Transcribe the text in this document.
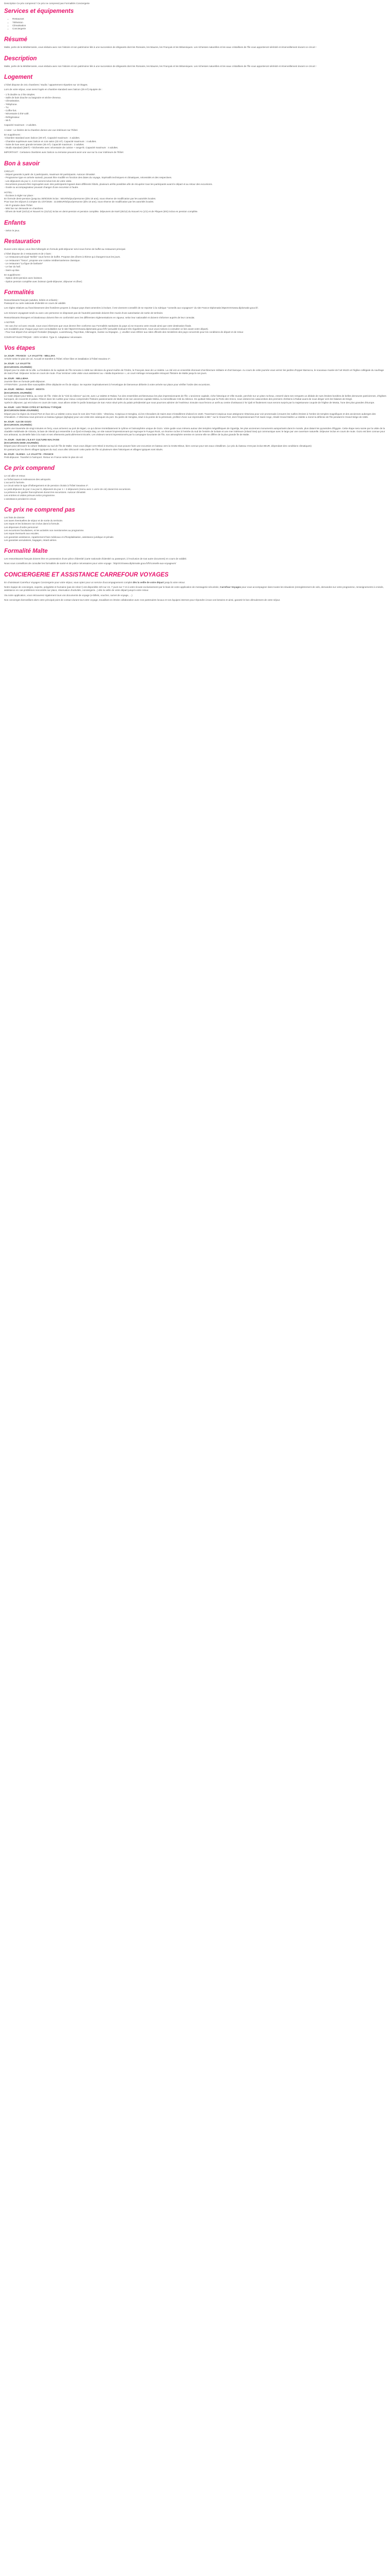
Description Ce prix comprend / Ce prix ne comprend pas Formalités Conciergerie

Services et équipements
• Restaurant
• Télévision
• Climatisation
• Conciergerie
Résumé

Malte, perle de la Méditerranée, vous séduira avec son histoire et son patrimoine liés à une succession de dirigeants dont les Romains, les Maures, les Français et les Britanniques. Les richesses naturelles et les eaux cristallines de l'île vous apporteront sérénité et émerveillement durant ce circuit !

Description

Malte, perle de la Méditerranée, vous séduira avec son histoire et son patrimoine liés à une succession de dirigeants dont les Romains, les Maures, les Français et les Britanniques. Les richesses naturelles et les eaux cristallines de l'île vous apporteront sérénité et émerveillement durant ce circuit !

Logement

L'hôtel dispose de 241 chambres / studio / appartement réparties sur 10 étages.

Lors de votre séjour, vous serez logés en chambre standard avec balcon (25 m²) équipée de :

- 1 lit double ou 2 lits simples.
- Salle de bain douche ou baignoire et sèche-cheveux.
- Climatisation.
- Téléphone.
- TV.
- Coffre-fort.
- Nécessaire à thé-café.
- Réfrigérateur.
- Wi-fi.

Capacité maximum : 2 adultes.

A noter : Le linéère de la chambre donne une vue intérieure sur l'hôtel.

En supplément :
-Chambre standard avec balcon (30 m²). Capacité maximum : 4 adultes.
- Chambre supérieure avec balcon et coin salon (33 m²). Capacité maximum : 4 adultes.
- Suite de luxe avec grande terrasse (45 m²). Capacité maximum : 2 adultes.
- Studio standard (38m²) + kitchenette avec nécessaire de cuisine + range-lit. Capacité maximum : 4 adultes.

IMPORTANT : Certaines chambres avec balcon ou terrasse peuvent avoir une vue sur la cour intérieure de l'hôtel.

Bon à savoir

CIRCUIT :
- Départ garantis à partir de 2 participants, maximum 50 participants. Autocar climatisé.
- Programme type en arrivée samedi, pouvant être modifié en fonction des dates du voyage, impératifs techniques et climatiques, nécessités et des respectives.
- Les déjeuners du jour 2, 4 et 6 seront inclus lors de votre visite.
- Excursions pouvant être regroupées avec des participants logeant dans différents hôtels, plusieurs arrêts possibles afin de récupérer tous les participants avant le départ et au retour des excursions.
- Guide ou accompagnateur pouvant changer d'une excursion à l'autre.

HOTEL :
- Écoluse à régler sur place :
En formule demi-pension (jusqu'au 30/6/2026 inclus : 5EUR/séjour/personne (dès 18 ans), sous réserve de modification par les autorités locales.
Pour tous les séjours à compter du 1/07/2026 : 22,50EUR/séjour/personne (dès 18 ans), sous réserve de modification par les autorités locales.
- Wi-Fi gratuite dans l'hôtel.
- Mini bar sur demande en chambres.
- Dîners de Noël (24/12) et Nouvel An (31/12) inclus en demi-pension et pension complète. Déjeuners de Noël (25/12) du Nouvel An (1/1) et de Pâques (9/4) inclus en pension complète.

Enfants

- Selon le jeux.

Restauration

Durant votre séjour, vous êtes hébergés en formule petit-déjeuner servi sous forme de buffet au restaurant principal.

L'hôtel dispose de 2 restaurants et de 2 bars :
- Le restaurant principal "Bellini" sous forme de buffet. Propose des dîners à thème qui changent tous les jours.
- Le restaurant "Tosca", propose une cuisine méditerranéenne classique.
- Le restaurant "La figue de barbarie"
- Le bar du hall.
- Swim-up Bar.

En supplément :
- Option demi-pension avec boisson.
- Option pension complète avec boisson (petit-déjeuner, déjeuner et dîner)

Formalités

Ressortissants français (adultes, bébés et enfants) :
Passeport ou carte nationale d'identité en cours de validité.

Les règles relatives au franchissement des frontières propres à chaque pays étant amenées à évoluer, il est vivement conseillé de se reporter à la rubrique "conseils aux voyageurs" du site France Diplomatie,httpsXXXXwww.diplomatie.gouv.fr/.

Les mineurs voyageant seuls ou avec une personne ne disposant pas de l'autorité parentale doivent être munis d'une autorisation de sortie de territoire.

Ressortissants étrangers et binationaux doivent être en conformité avec les différentes réglementations en vigueur, selon leur nationalité et doivent s'informer auprès de leur consulat.

A NOTER
- En cas d'un vol avec escale, nous vous informons que vous devrez être conforme aux Formalités sanitaires du pays où se trouvera votre escale ainsi que votre destination finale.
Les modalités pour chaque pays sont consultables sur le site httpsXXXXwww.diplomatie.gouv.fr/fr/ (actualité évoluant très régulièrement, nous vous invitons à consulter ce lien avant votre départ).
- Pour tout départ d'un aéroport frontalier (Espagne, Luxembourg, Pays-Bas, Allemagne, Suisse ou Espagne...), veuillez vous référer aux sites officiels des ministères des pays concernés pour les conditions de départ et de retour.

COURANT ELECTRIQUE : 230V et 50Hz. Type G. Adaptateur nécessaire.

Vos étapes
1e JOUR : FRANCE - LA VALETTE - MELLIHA

Arrivée selon le plan de vol. Accueil et transfert à l'hôtel. Dîner libre et installation à l'hôtel Seaview 4*.

2e JOUR : LA VALETTE
(EXCURSION JOURNÉE)

Départ pour la visite de la ville. La fondation de la capitale de l'île remonte à 1566 sur décision du grand maître de l'Ordre, le Français Jean de La Valette. La cité est un ensemble étonnant d'architecture militaire et d'art baroque. Au cours de cette journée vous verrez les jardins d'Upper Barracca, le nouveaux musée de l'art MUZA et l'église collégiale du naufrage de Saint Paul. Déjeuner inclus en cours de route. Pour terminer cette visite vous assisterez au « Malta Experience », un court métrage remarquable retraçant l'histoire de Malte jusqu'à nos jours.

3e JOUR : MELLIEHA

Journée libre en formule petit-déjeuner.
ATTENTION : journée libre susceptible d'être déplacée en fin de séjour. Se reporter impérativement à l'enveloppe de bienvenue délivrée à votre arrivée sur place pour vérifier l'ordre des excursions.

4e JOUR : MDINA - RABAT - MOSTA
(EXCURSION JOURNÉE)

Le matin départ pour Mdina, au cœur de l'île. Visite de la "Cité du Silence" qui est, avec La Valette et Rabat, l'un des ensembles architecturaux les plus impressionnants de l'île. L'ancienne capitale, riche historique et Ville murale, perchée sur un piton rocheux, enserré dans ses remparts un dédale de rues étroites bordées de belles demeures patriciennes, d'églises baroques, de couvents et palais. Flânez dans les ruelles pour mieux comprendre l'histoire passionnante de Malte et de son ancienne capitale Mdina, la merveilleuse Cité du Silence. En quittant Mina par la Porte des Grecs, nous visitons les catacombes des premiers chrétiens à Rabat avant de nous diriger vers les falaises de Dingli.
Après le déjeuner, qui est inclus en cours de route, nous allons visiter le jardin botanique de San Anton situé près du palais présidentiel que nous pourrons admirer de l'extérieur. Ensuite nous ferons un arrêt au centre d'artisanat à Ta' Qali et finalement nous serons surpris par la majestueuse coupole de l'église de Mosta, l'une des plus grandes d'Europe.

5e JOUR : LES TROIS CITÉS ET BATEAU TYPIQUE
(EXCURSION DEMI-JOURNÉE)

Départ pour la région du Grand Port en face de La Valette connu sous le nom des Trois Cités - Vittoriosa, Cospicua et Senglea, où les Chevaliers de Saint-Jean s'installèrent d'abord en 1530. Traversant Cospicua nous atteignons Vittoriosa pour voir promenade à travers les ruelles étroites à l'ombre de temples magnifiques et des anciennes auberges des Chevaliers. A Vittoriosa nous prenons un bateau typique (dghajsa) pour une visite des calanques du port. Du jardin de Senglea, situé à la pointe de la péninsule, profitez d'une vue imprenable à 360 ° sur le Grand Port, dont l'impressionnant Fort Saint-Ange, résidé Grand Maître La Valette a mené la défense de l'île pendant le Grand Siège de 1565.

6e JOUR : ILE DE GOZO
(EXCURSION JOURNÉE)

Après une traversée de vingt minutes en ferry, vous arriverez au port de Mgarr, ce qui donne immédiatement le rythme et l'atmosphère unique de Gozo. Votre guide vous mènera autour des temples mégalithiques de Ggantija, les plus anciennes monuments autoportants dans le monde, plus datant les pyramides d'Égypte. Cette étape sera suivie par la visite de la citadelle médiévale de Victoria, la baie de Xlendi qui ressemble à un fjord et Dwejra Bay, un site naturel impressionnant qui regroupe le Fungus Rock, un énorme rocher à l'entrée du sud de l'entrée de la Baie et une mer intérieure (Inland Sea) qui communique avec le large par une ouverture naturelle. Déjeuner inclus en cours de route. Gozo est bien connue pour son artisanat, sa dentelle faite à la main et ses vêtements particulièrement tricotés. Les visiteurs seront impressionnés par la campagne luxuriante de l'île, son atmosphère sereine et comme elle se diffère de la plus grande île de Malte.

7e JOUR : SUD DE L'ILE ET CULTURE MALTAISE
(EXCURSION DEMI-JOURNÉE)

Départ pour découvrir la culture Maltaise au sud de l'île de Malte. Vous vous dirigez vers Wied iz-Zurrieq où vous pouvez faire une excursion en bateau vers la Grotte Bleue, bien connue pour ses eaux cristallines. (Le prix du bateau n'est pas inclus 8EUR, dépendant des conditions climatiques)
En passant par les divers villages typiques du sud, vous allez découvrir cette partie de l'île où plusieurs sites historiques et villages typiques sont situés.

8e JOUR : SLIEMA - LA VALETTE - FRANCE

Petit-déjeuner. Transfert à l'aéroport. Retour en France selon le plan de vol.

Ce prix comprend

Le vol aller et retour.
Le forfait taxes et redevances des aéroports.
L'accueil à l'arrivée.
Le circuit selon le type d'hébergement et de pension choisis à l'hôtel Seaview 4*.
Le petit-déjeuner du jour 2 au jour 8, déjeuners du jour 4 + 3 déjeuners (menu avec 1 verre de vin) durant les excursions.
La présence de guides francophones durant les excursions. Autocar climatisé.
Les entrées et visites prévues selon programme.
L'assistance pendant le circuit.

Ce prix ne comprend pas

Les frais de dossier.
Les taxes éventuelles de séjour et de sortie du territoire.
Les repas et les boissons non inclus dans la formule.
Les dépenses d'ordre personnel
Les excursions facultatives, et les activités non mentionnées au programme.
Les repas éventuels aux escales.
Les garanties assistance, rapatriement frais médicaux et d'hospitalisation, assistance juridique et pénale.
Les garanties annulations, bagages, retard aérien.

Formalité Malte

Les ressortissants français doivent être en possession d'une pièce d'identité (carte nationale d'identité ou passeport, à l'exclusion de tout autre document) en cours de validité.

Nous vous conseillons de consulter les formalités de santé et de police nécessaires pour votre voyage : httpXXXXwww.diplomatie.gouv.fr/fr/conseils-aux-voyageurs/

CONCIERGERIE ET ASSISTANCE CARREFOUR VOYAGES

En choisissant Carrefour Voyages Conciergerie pour votre séjour, vous optez pour un service d'accompagnement complet dès la veille de votre départ jusqu'à votre retour.

Notre équipe de concierges, experte, polyglotte et humaine (pas de robot !) est disponible 24h sur 24, 7 jours sur 7 et à votre écoute exclusivement par le biais de votre application de messagerie sécurisée, Carrefour Voyages pour vous accompagner dans toutes les situations (enregistrement de vols, demandes sur votre programme, renseignements à croisés, assistance en cas problèmes rencontrés sur place, réservation d'activités, conciergerie...) dès la veille de votre départ jusqu'à votre retour.

Via notre application, vous retrouverez également tous vos documents de voyage (e-billets, voucher, carnet de voyage, ...)

Nos concierges bienveillant alors votre principal point de contact durant tout votre voyage, travaillant en étroite collaboration avec nos partenaires locaux et nos équipes internes pour répondre à tous vos besoins et ainsi, garantir le bon déroulement de votre séjour.
